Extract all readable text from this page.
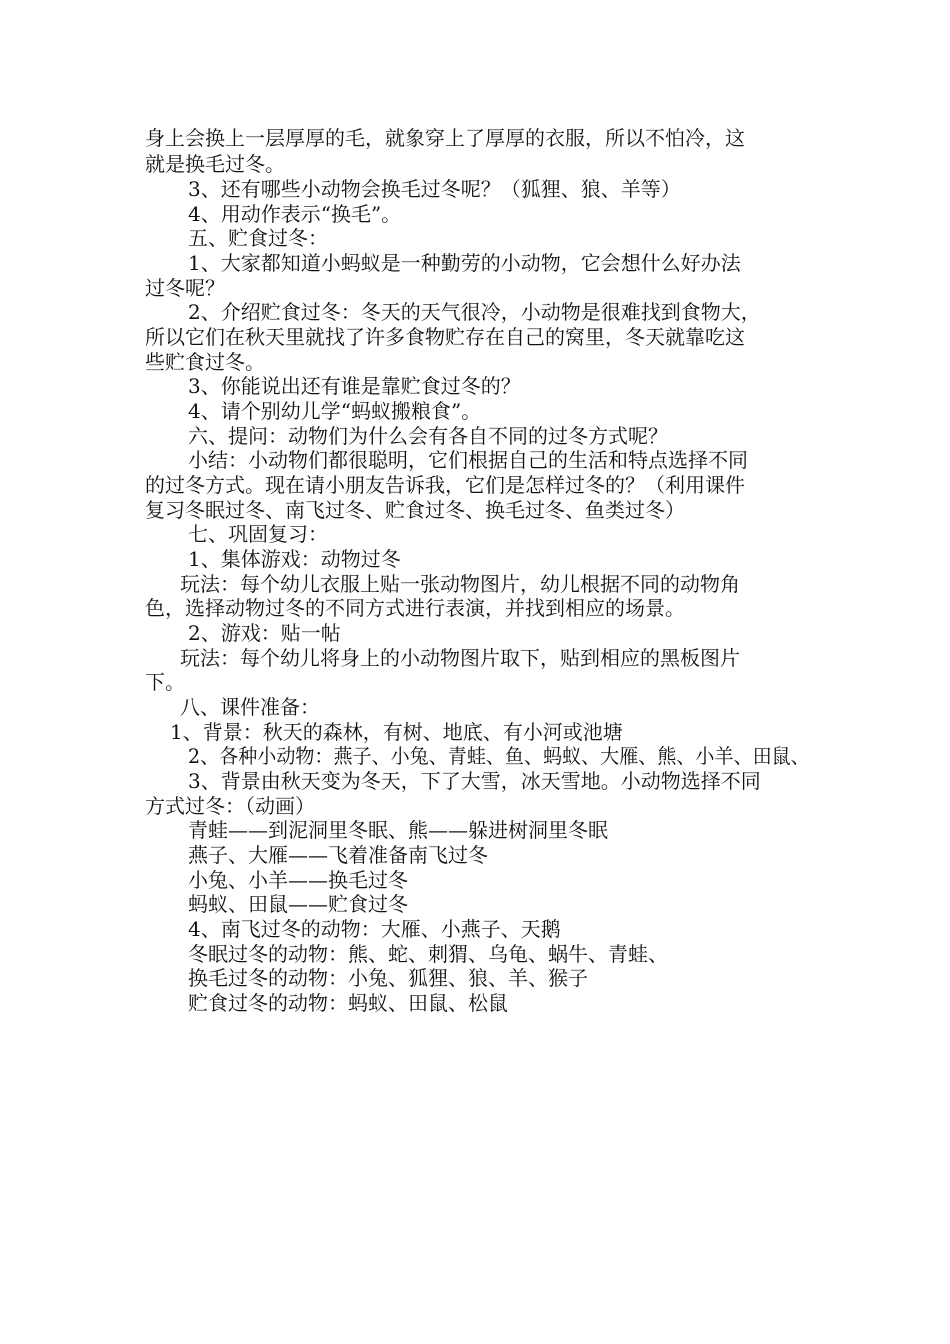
身上会换上一层厚厚的毛，就象穿上了厚厚的衣服，所以不怕冷，这

就是换毛过冬。

3、还有哪些小动物会换毛过冬呢？（狐狸、狼、羊等）

4、用动作表示“换毛”。

五、贮食过冬：

1、大家都知道小蚂蚁是一种勤劳的小动物，它会想什么好办法

过冬呢？

2、介绍贮食过冬：冬天的天气很冷，小动物是很难找到食物大，

所以它们在秋天里就找了许多食物贮存在自己的窝里，冬天就靠吃这

些贮食过冬。

3、你能说出还有谁是靠贮食过冬的？

4、请个别幼儿学“蚂蚁搬粮食”。

六、提问：动物们为什么会有各自不同的过冬方式呢？

小结：小动物们都很聪明，它们根据自己的生活和特点选择不同

的过冬方式。现在请小朋友告诉我，它们是怎样过冬的？（利用课件

复习冬眠过冬、南飞过冬、贮食过冬、换毛过冬、鱼类过冬）

七、巩固复习：

1、集体游戏：动物过冬

玩法：每个幼儿衣服上贴一张动物图片，幼儿根据不同的动物角

色，选择动物过冬的不同方式进行表演，并找到相应的场景。

2、游戏：贴一帖

玩法：每个幼儿将身上的小动物图片取下，贴到相应的黑板图片

下。

八、课件准备：

1、背景：秋天的森林，有树、地底、有小河或池塘

2、各种小动物：燕子、小兔、青蛙、鱼、蚂蚁、大雁、熊、小羊、田鼠、

3、背景由秋天变为冬天，下了大雪，冰天雪地。小动物选择不同

方式过冬：（动画）

青蛙——到泥洞里冬眠、熊——躲进树洞里冬眠

燕子、大雁——飞着准备南飞过冬

小兔、小羊——换毛过冬

蚂蚁、田鼠——贮食过冬

4、南飞过冬的动物：大雁、小燕子、天鹅

冬眠过冬的动物：熊、蛇、刺猬、乌龟、蜗牛、青蛙、

换毛过冬的动物：小兔、狐狸、狼、羊、猴子

贮食过冬的动物：蚂蚁、田鼠、松鼠
